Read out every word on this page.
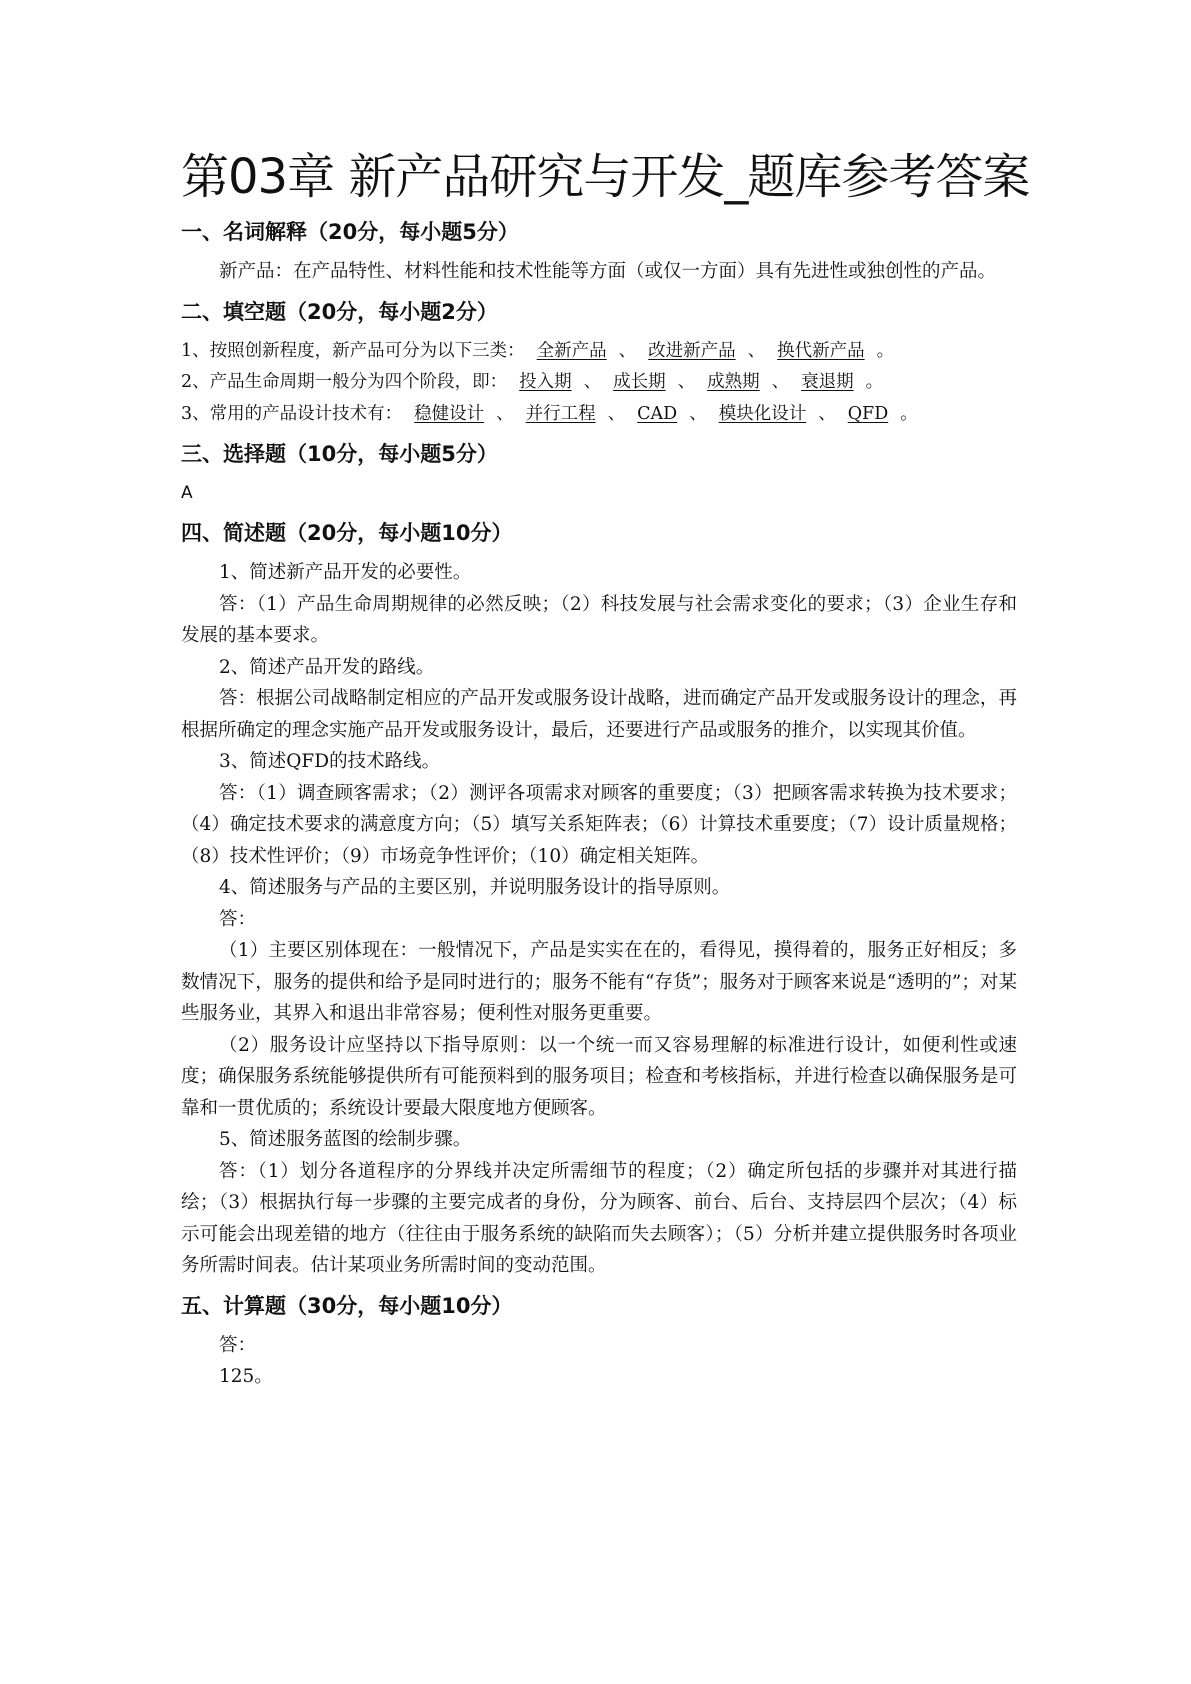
第03章 新产品研究与开发_题库参考答案
一、名词解释（20分，每小题5分）

新产品：在产品特性、材料性能和技术性能等方面（或仅一方面）具有先进性或独创性的产品。

二、填空题（20分，每小题2分）

1、按照创新程度，新产品可分为以下三类： 全新产品 、 改进新产品 、 换代新产品 。

2、产品生命周期一般分为四个阶段，即： 投入期 、 成长期 、 成熟期 、 衰退期 。

3、常用的产品设计技术有： 稳健设计 、 并行工程 、 CAD 、 模块化设计 、 QFD 。

三、选择题（10分，每小题5分）

A

四、简述题（20分，每小题10分）

1、简述新产品开发的必要性。

答：（1）产品生命周期规律的必然反映；（2）科技发展与社会需求变化的要求；（3）企业生存和发展的基本要求。

2、简述产品开发的路线。

答：根据公司战略制定相应的产品开发或服务设计战略，进而确定产品开发或服务设计的理念，再根据所确定的理念实施产品开发或服务设计，最后，还要进行产品或服务的推介，以实现其价值。

3、简述QFD的技术路线。

答：（1）调查顾客需求；（2）测评各项需求对顾客的重要度；（3）把顾客需求转换为技术要求；（4）确定技术要求的满意度方向；（5）填写关系矩阵表；（6）计算技术重要度；（7）设计质量规格；（8）技术性评价；（9）市场竞争性评价；（10）确定相关矩阵。

4、简述服务与产品的主要区别，并说明服务设计的指导原则。

答：

（1）主要区别体现在：一般情况下，产品是实实在在的，看得见，摸得着的，服务正好相反；多数情况下，服务的提供和给予是同时进行的；服务不能有“存货”；服务对于顾客来说是“透明的”；对某些服务业，其界入和退出非常容易；便利性对服务更重要。

（2）服务设计应坚持以下指导原则：以一个统一而又容易理解的标准进行设计，如便利性或速度；确保服务系统能够提供所有可能预料到的服务项目；检查和考核指标，并进行检查以确保服务是可靠和一贯优质的；系统设计要最大限度地方便顾客。

5、简述服务蓝图的绘制步骤。

答：（1）划分各道程序的分界线并决定所需细节的程度；（2）确定所包括的步骤并对其进行描绘；（3）根据执行每一步骤的主要完成者的身份，分为顾客、前台、后台、支持层四个层次；（4）标示可能会出现差错的地方（往往由于服务系统的缺陷而失去顾客）；（5）分析并建立提供服务时各项业务所需时间表。估计某项业务所需时间的变动范围。

五、计算题（30分，每小题10分）

答：

125。
